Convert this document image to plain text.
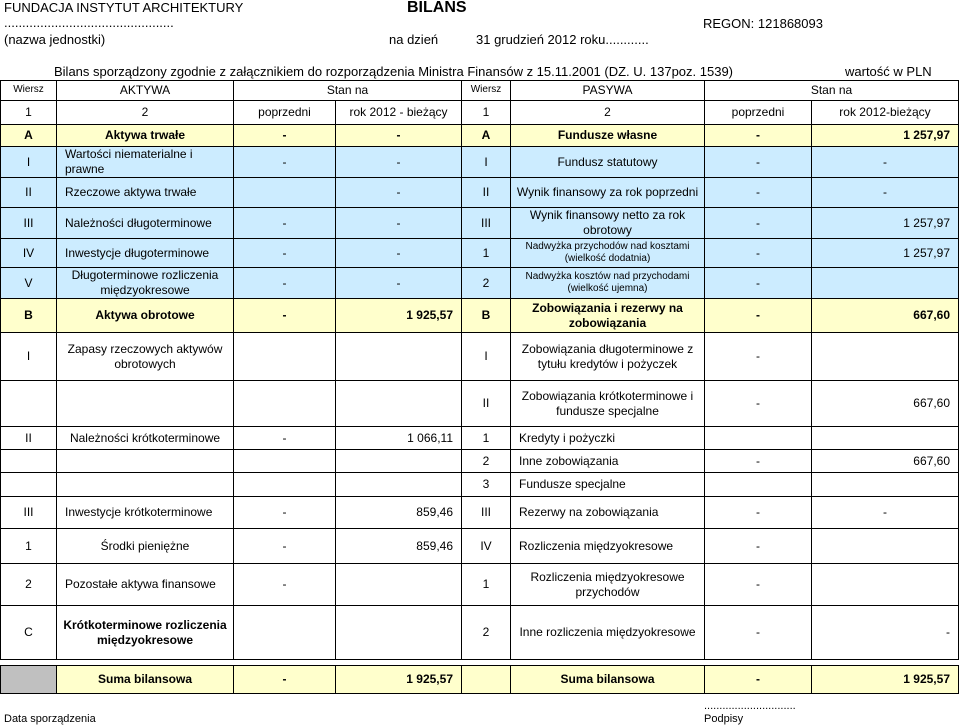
FUNDACJA INSTYTUT ARCHITEKTURY
...............................................
(nazwa jednostki)
BILANS
na dzień	31 grudzień 2012 roku............
REGON: 121868093
Bilans sporządzony zgodnie z załącznikiem do rozporządzenia Ministra Finansów z 15.11.2001 (DZ. U. 137poz. 1539)	wartość w PLN
Wiersz	AKTYWA	Stan na		Wiersz	PASYWA	Stan na	
1	2	poprzedni	rok 2012 - bieżący	1	2	poprzedni	rok 2012-bieżący
A	Aktywa trwałe	-	-	A	Fundusze własne	-	1 257,97
I	Wartości niematerialne i prawne	-	-	I	Fundusz statutowy	-	-
II	Rzeczowe aktywa trwałe		-	II	Wynik finansowy za rok poprzedni	-	-
III	Należności długoterminowe	-	-	III	Wynik finansowy netto za rok obrotowy	-	1 257,97
IV	Inwestycje długoterminowe	-	-	1	Nadwyżka przychodów nad kosztami (wielkość dodatnia)	-	1 257,97
V	Długoterminowe rozliczenia międzyokresowe	-	-	2	Nadwyżka kosztów nad przychodami (wielkość ujemna)	-	
B	Aktywa obrotowe	-	1 925,57	B	Zobowiązania i rezerwy na zobowiązania	-	667,60
I	Zapasy rzeczowych aktywów obrotowych			I	Zobowiązania długoterminowe z tytułu kredytów i pożyczek	-	
				II	Zobowiązania krótkoterminowe i fundusze specjalne	-	667,60
II	Należności krótkoterminowe	-	1 066,11	1	Kredyty i pożyczki		
				2	Inne zobowiązania	-	667,60
				3	Fundusze specjalne		
III	Inwestycje krótkoterminowe	-	859,46	III	Rezerwy na zobowiązania	-	-
1	Środki pieniężne	-	859,46	IV	Rozliczenia międzyokresowe	-	
2	Pozostałe aktywa finansowe	-		1	Rozliczenia międzyokresowe przychodów	-	
C	Krótkoterminowe rozliczenia międzyokresowe			2	Inne rozliczenia międzyokresowe	-	-

	Suma bilansowa	-	1 925,57		Suma bilansowa	-	1 925,57
Data sporządzenia
..............................
Podpisy
